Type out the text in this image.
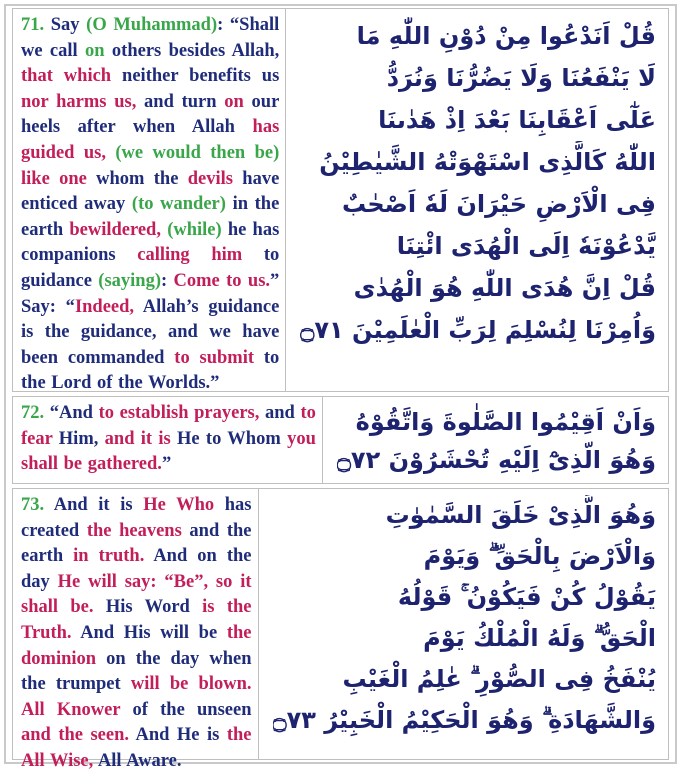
71. Say (O Muhammad): “Shall we call on others besides Allah, that which neither benefits us nor harms us, and turn on our heels after when Allah has guided us, (we would then be) like one whom the devils have enticed away (to wander) in the earth bewildered, (while) he has companions calling him to guidance (saying): Come to us.” Say: “Indeed, Allah’s guidance is the guidance, and we have been commanded to submit to the Lord of the Worlds.”
قُلْ اَنَدْعُوا مِنْ دُوْنِ اللّٰهِ مَا
لَا يَنْفَعُنَا وَلَا يَضُرُّنَا وَنُرَدُّ
عَلٰٓى اَعْقَابِنَا بَعْدَ اِذْ هَدٰىنَا
اللّٰهُ كَالَّذِى اسْتَهْوَتْهُ الشَّيٰطِيْنُ
فِى الْاَرْضِ حَيْرَانَ لَهٗ اَصْحٰبٌ
يَّدْعُوْنَهٗ اِلَى الْهُدَى ائْتِنَا
قُلْ اِنَّ هُدَى اللّٰهِ هُوَ الْهُدٰى
وَاُمِرْنَا لِنُسْلِمَ لِرَبِّ الْعٰلَمِيْنَ ۝٧١
72. “And to establish prayers, and to fear Him, and it is He to Whom you shall be gathered.”
وَاَنْ اَقِيْمُوا الصَّلٰوةَ وَاتَّقُوْهُ
وَهُوَ الَّذِىْٓ اِلَيْهِ تُحْشَرُوْنَ ۝٧٢
73. And it is He Who has created the heavens and the earth in truth. And on the day He will say: “Be”, so it shall be. His Word is the Truth. And His will be the dominion on the day when the trumpet will be blown. All Knower of the unseen and the seen. And He is the All Wise, All Aware.
وَهُوَ الَّذِىْ خَلَقَ السَّمٰوٰتِ
وَالْاَرْضَ بِالْحَقِّ ۗ وَيَوْمَ
يَقُوْلُ كُنْ فَيَكُوْنُ ۚ قَوْلُهُ
الْحَقُّ ۗ وَلَهُ الْمُلْكُ يَوْمَ
يُنْفَخُ فِى الصُّوْرِ ۗ عٰلِمُ الْغَيْبِ
وَالشَّهَادَةِ ۗ وَهُوَ الْحَكِيْمُ الْخَبِيْرُ ۝٧٣
